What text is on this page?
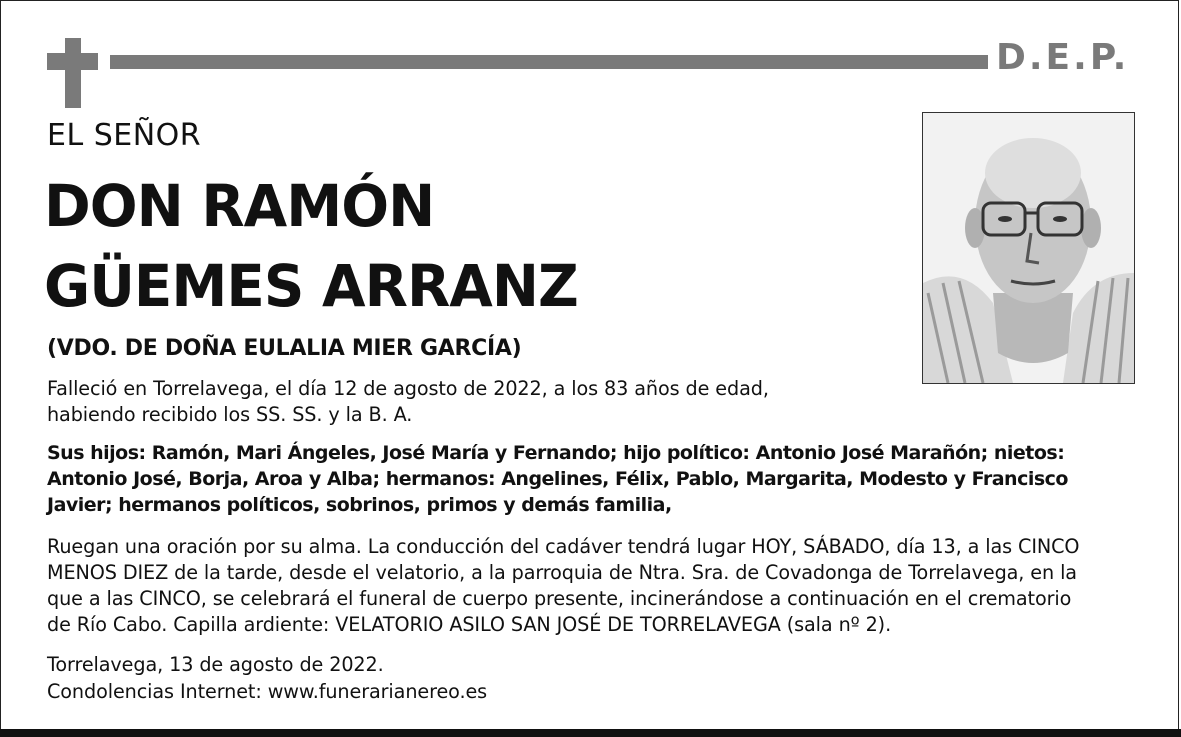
D.E.P.
EL SEÑOR
DON RAMÓN
GÜEMES ARRANZ
(VDO. DE DOÑA EULALIA MIER GARCÍA)
Falleció en Torrelavega, el día 12 de agosto de 2022, a los 83 años de edad,
habiendo recibido los SS. SS. y la B. A.
Sus hijos: Ramón, Mari Ángeles, José María y Fernando; hijo político: Antonio José Marañón; nietos:
Antonio José, Borja, Aroa y Alba; hermanos: Angelines, Félix, Pablo, Margarita, Modesto y Francisco
Javier; hermanos políticos, sobrinos, primos y demás familia,
Ruegan una oración por su alma. La conducción del cadáver tendrá lugar HOY, SÁBADO, día 13, a las CINCO
MENOS DIEZ de la tarde, desde el velatorio, a la parroquia de Ntra. Sra. de Covadonga de Torrelavega, en la
que a las CINCO, se celebrará el funeral de cuerpo presente, incinerándose a continuación en el crematorio
de Río Cabo. Capilla ardiente: VELATORIO ASILO SAN JOSÉ DE TORRELAVEGA (sala nº 2).
Torrelavega, 13 de agosto de 2022.
Condolencias Internet: www.funerarianereo.es
